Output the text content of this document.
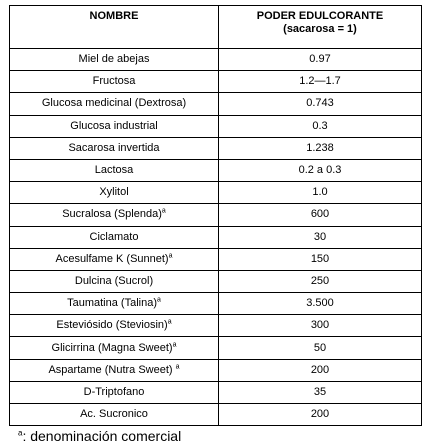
NOMBRE	PODER EDULCORANTE
(sacarosa = 1)
Miel de abejas	0.97
Fructosa	1.2—1.7
Glucosa medicinal (Dextrosa)	0.743
Glucosa industrial	0.3
Sacarosa invertida	1.238
Lactosa	0.2 a 0.3
Xylitol	1.0
Sucralosa (Splenda)$^a$	600
Ciclamato	30
Acesulfame K (Sunnet)$^a$	150
Dulcina (Sucrol)	250
Taumatina (Talina)$^a$	3.500
Esteviósido (Steviosin)$^a$	300
Glicirrina (Magna Sweet)$^a$	50
Aspartame (Nutra Sweet) $^a$	200
D-Triptofano	35
Ac. Sucronico	200
$^a$: denominación comercial
